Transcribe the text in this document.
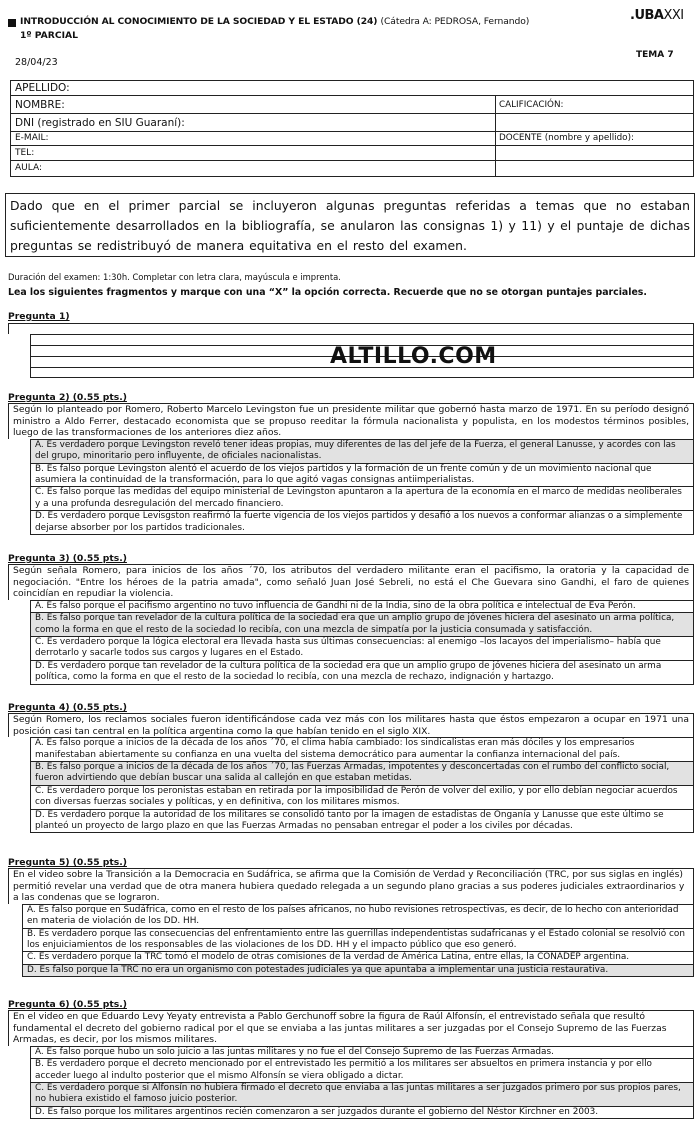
INTRODUCCIÓN AL CONOCIMIENTO DE LA SOCIEDAD Y EL ESTADO (24) (Cátedra A: PEDROSA, Fernando)
1º PARCIAL
28/04/23
.UBAXXI
TEMA 7
APELLIDO:
NOMBRE:	CALIFICACIÓN:
DNI (registrado en SIU Guaraní):
E-MAIL:	DOCENTE (nombre y apellido):
TEL:
AULA:
Dado que en el primer parcial se incluyeron algunas preguntas referidas a temas que no estaban suficientemente desarrollados en la bibliografía, se anularon las consignas 1) y 11) y el puntaje de dichas preguntas se redistribuyó de manera equitativa en el resto del examen.
Duración del examen: 1:30h. Completar con letra clara, mayúscula e imprenta.
Lea los siguientes fragmentos y marque con una “X” la opción correcta. Recuerde que no se otorgan puntajes parciales.
Pregunta 1)
ALTILLO.COM
Pregunta 2) (0.55 pts.)
Según lo planteado por Romero, Roberto Marcelo Levingston fue un presidente militar que gobernó hasta marzo de 1971. En su período designó ministro a Aldo Ferrer, destacado economista que se propuso reeditar la fórmula nacionalista y populista, en los modestos términos posibles, luego de las transformaciones de los anteriores diez años.
A. Es verdadero porque Levingston reveló tener ideas propias, muy diferentes de las del jefe de la Fuerza, el general Lanusse, y acordes con las del grupo, minoritario pero influyente, de oficiales nacionalistas.
B. Es falso porque Levingston alentó el acuerdo de los viejos partidos y la formación de un frente común y de un movimiento nacional que asumiera la continuidad de la transformación, para lo que agitó vagas consignas antiimperialistas.
C. Es falso porque las medidas del equipo ministerial de Levingston apuntaron a la apertura de la economía en el marco de medidas neoliberales y a una profunda desregulación del mercado financiero.
D. Es verdadero porque Levisgston reafirmó la fuerte vigencia de los viejos partidos y desafió a los nuevos a conformar alianzas o a simplemente dejarse absorber por los partidos tradicionales.
Pregunta 3) (0.55 pts.)
Según señala Romero, para inicios de los años ´70, los atributos del verdadero militante eran el pacifismo, la oratoria y la capacidad de negociación. "Entre los héroes de la patria amada", como señaló Juan José Sebreli, no está el Che Guevara sino Gandhi, el faro de quienes coincidían en repudiar la violencia.
A. Es falso porque el pacifismo argentino no tuvo influencia de Gandhi ni de la India, sino de la obra política e intelectual de Eva Perón.
B. Es falso porque tan revelador de la cultura política de la sociedad era que un amplio grupo de jóvenes hiciera del asesinato un arma política, como la forma en que el resto de la sociedad lo recibía, con una mezcla de simpatía por la justicia consumada y satisfacción.
C. Es verdadero porque la lógica electoral era llevada hasta sus últimas consecuencias: al enemigo –los lacayos del imperialismo– había que derrotarlo y sacarle todos sus cargos y lugares en el Estado.
D. Es verdadero porque tan revelador de la cultura política de la sociedad era que un amplio grupo de jóvenes hiciera del asesinato un arma política, como la forma en que el resto de la sociedad lo recibía, con una mezcla de rechazo, indignación y hartazgo.
Pregunta 4) (0.55 pts.)
Según Romero, los reclamos sociales fueron identificándose cada vez más con los militares hasta que éstos empezaron a ocupar en 1971 una posición casi tan central en la política argentina como la que habían tenido en el siglo XIX.
A. Es falso porque a inicios de la década de los años ´70, el clima había cambiado: los sindicalistas eran más dóciles y los empresarios manifestaban abiertamente su confianza en una vuelta del sistema democrático para aumentar la confianza internacional del país.
B. Es falso porque a inicios de la década de los años ´70, las Fuerzas Armadas, impotentes y desconcertadas con el rumbo del conflicto social, fueron advirtiendo que debían buscar una salida al callejón en que estaban metidas.
C. Es verdadero porque los peronistas estaban en retirada por la imposibilidad de Perón de volver del exilio, y por ello debían negociar acuerdos con diversas fuerzas sociales y políticas, y en definitiva, con los militares mismos.
D. Es verdadero porque la autoridad de los militares se consolidó tanto por la imagen de estadistas de Onganía y Lanusse que este último se planteó un proyecto de largo plazo en que las Fuerzas Armadas no pensaban entregar el poder a los civiles por décadas.
Pregunta 5) (0.55 pts.)
En el video sobre la Transición a la Democracia en Sudáfrica, se afirma que la Comisión de Verdad y Reconciliación (TRC, por sus siglas en inglés) permitió revelar una verdad que de otra manera hubiera quedado relegada a un segundo plano gracias a sus poderes judiciales extraordinarios y a las condenas que se lograron.
A. Es falso porque en Sudáfrica, como en el resto de los países africanos, no hubo revisiones retrospectivas, es decir, de lo hecho con anterioridad en materia de violación de los DD. HH.
B. Es verdadero porque las consecuencias del enfrentamiento entre las guerrillas independentistas sudafricanas y el Estado colonial se resolvió con los enjuiciamientos de los responsables de las violaciones de los DD. HH y el impacto público que eso generó.
C. Es verdadero porque la TRC tomó el modelo de otras comisiones de la verdad de América Latina, entre ellas, la CONADEP argentina.
D. Es falso porque la TRC no era un organismo con potestades judiciales ya que apuntaba a implementar una justicia restaurativa.
Pregunta 6) (0.55 pts.)
En el video en que Eduardo Levy Yeyaty entrevista a Pablo Gerchunoff sobre la figura de Raúl Alfonsín, el entrevistado señala que resultó fundamental el decreto del gobierno radical por el que se enviaba a las juntas militares a ser juzgadas por el Consejo Supremo de las Fuerzas Armadas, es decir, por los mismos militares.
A. Es falso porque hubo un solo juicio a las juntas militares y no fue el del Consejo Supremo de las Fuerzas Armadas.
B. Es verdadero porque el decreto mencionado por el entrevistado les permitió a los militares ser absueltos en primera instancia y por ello acceder luego al indulto posterior que el mismo Alfonsín se viera obligado a dictar.
C. Es verdadero porque si Alfonsín no hubiera firmado el decreto que enviaba a las juntas militares a ser juzgados primero por sus propios pares, no hubiera existido el famoso juicio posterior.
D. Es falso porque los militares argentinos recién comenzaron a ser juzgados durante el gobierno del Néstor Kirchner en 2003.
